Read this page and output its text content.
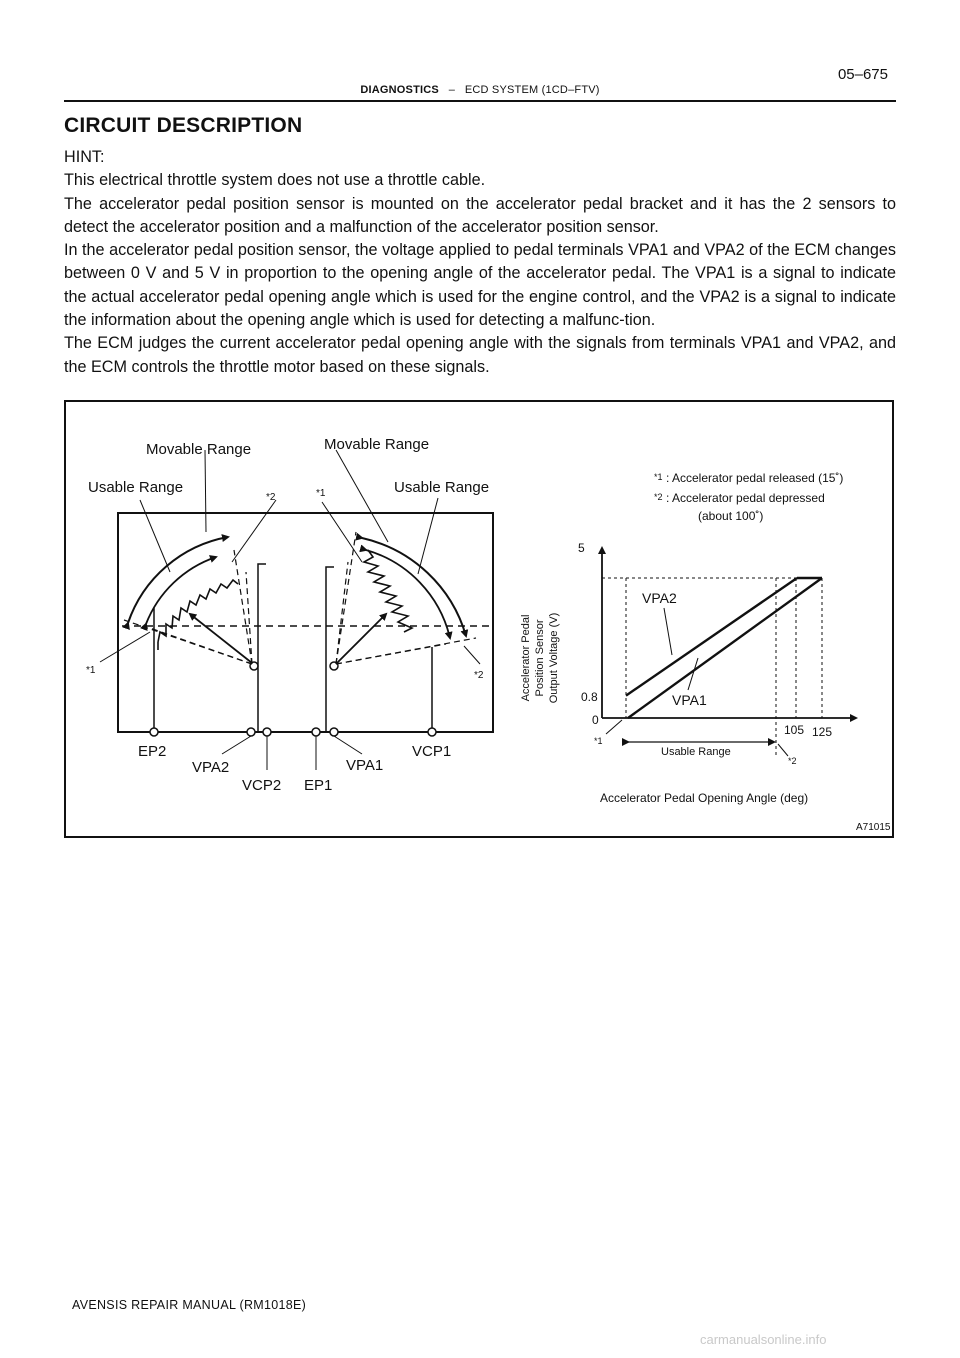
DIAGNOSTICS – ECD SYSTEM (1CD–FTV)
05–675
CIRCUIT DESCRIPTION

HINT:

This electrical throttle system does not use a throttle cable.

The accelerator pedal position sensor is mounted on the accelerator pedal bracket and it has the 2 sensors to detect the accelerator position and a malfunction of the accelerator position sensor.

In the accelerator pedal position sensor, the voltage applied to pedal terminals VPA1 and VPA2 of the ECM changes between 0 V and 5 V in proportion to the opening angle of the accelerator pedal. The VPA1 is a signal to indicate the actual accelerator pedal opening angle which is used for the engine control, and the VPA2 is a signal to indicate the information about the opening angle which is used for detecting a malfunc-tion.

The ECM judges the current accelerator pedal opening angle with the signals from terminals VPA1 and VPA2, and the ECM controls the throttle motor based on these signals.

Movable Range	Movable Range
Usable Range	Usable Range
*2	*1
*1	*2
EP2
VPA2
VCP2 EP1
VPA1
VCP1
*1 : Accelerator pedal released (15˚)
*2 : Accelerator pedal depressed
(about 100˚)
Accelerator Pedal Position Sensor Output Voltage (V)
5
0.8
0
105 125
VPA2
VPA1
Usable Range
*1
*2
Accelerator Pedal Opening Angle (deg)
A71015
AVENSIS REPAIR MANUAL (RM1018E)
carmanualsonline.info
